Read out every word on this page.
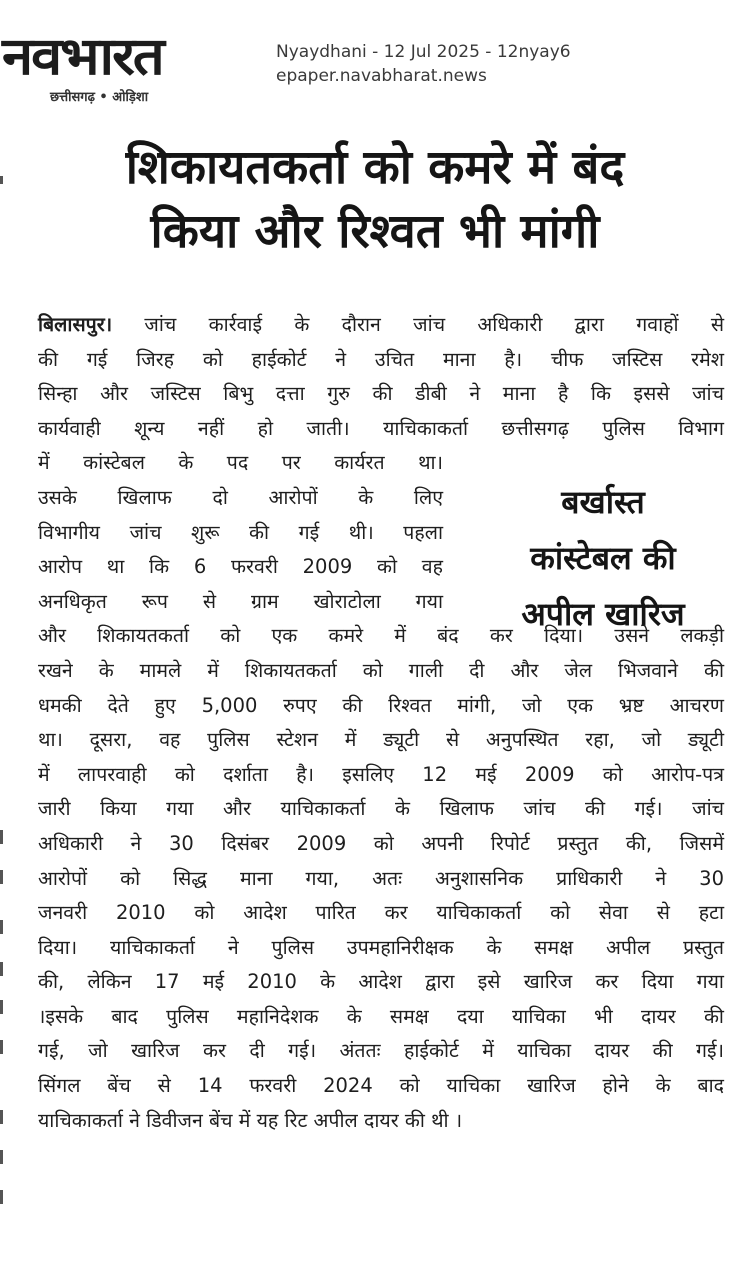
नवभारत
छत्तीसगढ़ • ओड़िशा
Nyaydhani - 12 Jul 2025 - 12nyay6
epaper.navabharat.news
शिकायतकर्ता को कमरे में बंद
किया और रिश्वत भी मांगी
बर्खास्त
कांस्टेबल की
अपील खारिज
बिलासपुर। जांच कार्रवाई के दौरान जांच अधिकारी द्वारा गवाहों से
की गई जिरह को हाईकोर्ट ने उचित माना है। चीफ जस्टिस रमेश
सिन्हा और जस्टिस बिभु दत्ता गुरु की डीबी ने माना है कि इससे जांच
कार्यवाही शून्य नहीं हो जाती। याचिकाकर्ता छत्तीसगढ़ पुलिस विभाग
में कांस्टेबल के पद पर कार्यरत था।
उसके खिलाफ दो आरोपों के लिए
विभागीय जांच शुरू की गई थी। पहला
आरोप था कि 6 फरवरी 2009 को वह
अनधिकृत रूप से ग्राम खोराटोला गया
और शिकायतकर्ता को एक कमरे में बंद कर दिया। उसने लकड़ी
रखने के मामले में शिकायतकर्ता को गाली दी और जेल भिजवाने की
धमकी देते हुए 5,000 रुपए की रिश्वत मांगी, जो एक भ्रष्ट आचरण
था। दूसरा, वह पुलिस स्टेशन में ड्यूटी से अनुपस्थित रहा, जो ड्यूटी
में लापरवाही को दर्शाता है। इसलिए 12 मई 2009 को आरोप-पत्र
जारी किया गया और याचिकाकर्ता के खिलाफ जांच की गई। जांच
अधिकारी ने 30 दिसंबर 2009 को अपनी रिपोर्ट प्रस्तुत की, जिसमें
आरोपों को सिद्ध माना गया, अतः अनुशासनिक प्राधिकारी ने 30
जनवरी 2010 को आदेश पारित कर याचिकाकर्ता को सेवा से हटा
दिया। याचिकाकर्ता ने पुलिस उपमहानिरीक्षक के समक्ष अपील प्रस्तुत
की, लेकिन 17 मई 2010 के आदेश द्वारा इसे खारिज कर दिया गया
।इसके बाद पुलिस महानिदेशक के समक्ष दया याचिका भी दायर की
गई, जो खारिज कर दी गई। अंततः हाईकोर्ट में याचिका दायर की गई।
सिंगल बेंच से 14 फरवरी 2024 को याचिका खारिज होने के बाद
याचिकाकर्ता ने डिवीजन बेंच में यह रिट अपील दायर की थी ।
